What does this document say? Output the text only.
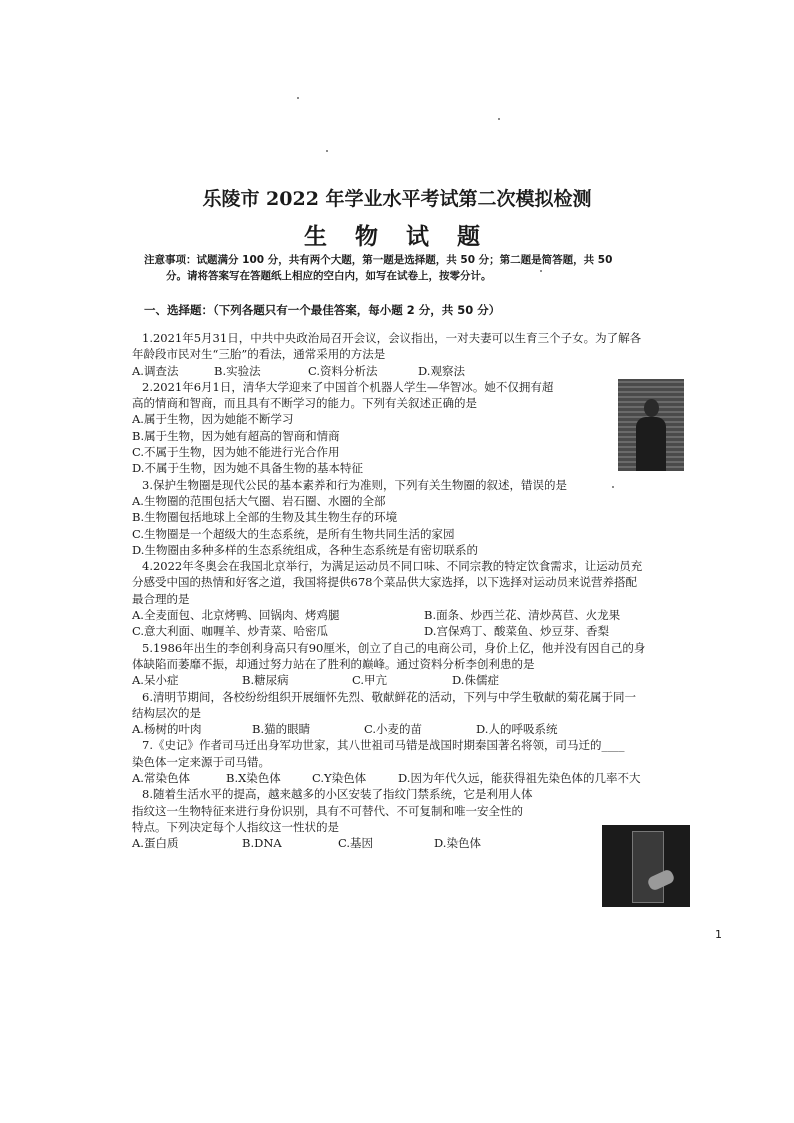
乐陵市 2022 年学业水平考试第二次模拟检测
生 物 试 题
注意事项：试题满分 100 分，共有两个大题，第一题是选择题，共 50 分；第二题是简答题，共 50
分。请将答案写在答题纸上相应的空白内，如写在试卷上，按零分计。
一、选择题：（下列各题只有一个最佳答案，每小题 2 分，共 50 分）
1.2021年5月31日，中共中央政治局召开会议，会议指出，一对夫妻可以生育三个子女。为了解各
年龄段市民对生“三胎”的看法，通常采用的方法是
A.调查法	B.实验法	C.资料分析法	D.观察法
2.2021年6月1日，清华大学迎来了中国首个机器人学生—华智冰。她不仅拥有超
高的情商和智商，而且具有不断学习的能力。下列有关叙述正确的是
A.属于生物，因为她能不断学习
B.属于生物，因为她有超高的智商和情商
C.不属于生物，因为她不能进行光合作用
D.不属于生物，因为她不具备生物的基本特征
3.保护生物圈是现代公民的基本素养和行为准则，下列有关生物圈的叙述，错误的是
A.生物圈的范围包括大气圈、岩石圈、水圈的全部
B.生物圈包括地球上全部的生物及其生物生存的环境
C.生物圈是一个超级大的生态系统，是所有生物共同生活的家园
D.生物圈由多种多样的生态系统组成，各种生态系统是有密切联系的
4.2022年冬奥会在我国北京举行，为满足运动员不同口味、不同宗教的特定饮食需求，让运动员充
分感受中国的热情和好客之道，我国将提供678个菜品供大家选择，以下选择对运动员来说营养搭配
最合理的是
A.全麦面包、北京烤鸭、回锅肉、烤鸡腿	B.面条、炒西兰花、清炒莴苣、火龙果
C.意大利面、咖喱羊、炒青菜、哈密瓜	D.宫保鸡丁、酸菜鱼、炒豆芽、香梨
5.1986年出生的李创利身高只有90厘米，创立了自己的电商公司，身价上亿，他并没有因自己的身
体缺陷而萎靡不振，却通过努力站在了胜利的巅峰。通过资料分析李创利患的是
A.呆小症	B.糖尿病	C.甲亢	D.侏儒症
6.清明节期间，各校纷纷组织开展缅怀先烈、敬献鲜花的活动，下列与中学生敬献的菊花属于同一
结构层次的是
A.杨树的叶肉	B.猫的眼睛	C.小麦的苗	D.人的呼吸系统
7.《史记》作者司马迁出身军功世家，其八世祖司马错是战国时期秦国著名将领，司马迁的____
染色体一定来源于司马错。
A.常染色体	B.X染色体	C.Y染色体	D.因为年代久远，能获得祖先染色体的几率不大
8.随着生活水平的提高，越来越多的小区安装了指纹门禁系统，它是利用人体
指纹这一生物特征来进行身份识别，具有不可替代、不可复制和唯一安全性的
特点。下列决定每个人指纹这一性状的是
A.蛋白质	B.DNA	C.基因	D.染色体
1
